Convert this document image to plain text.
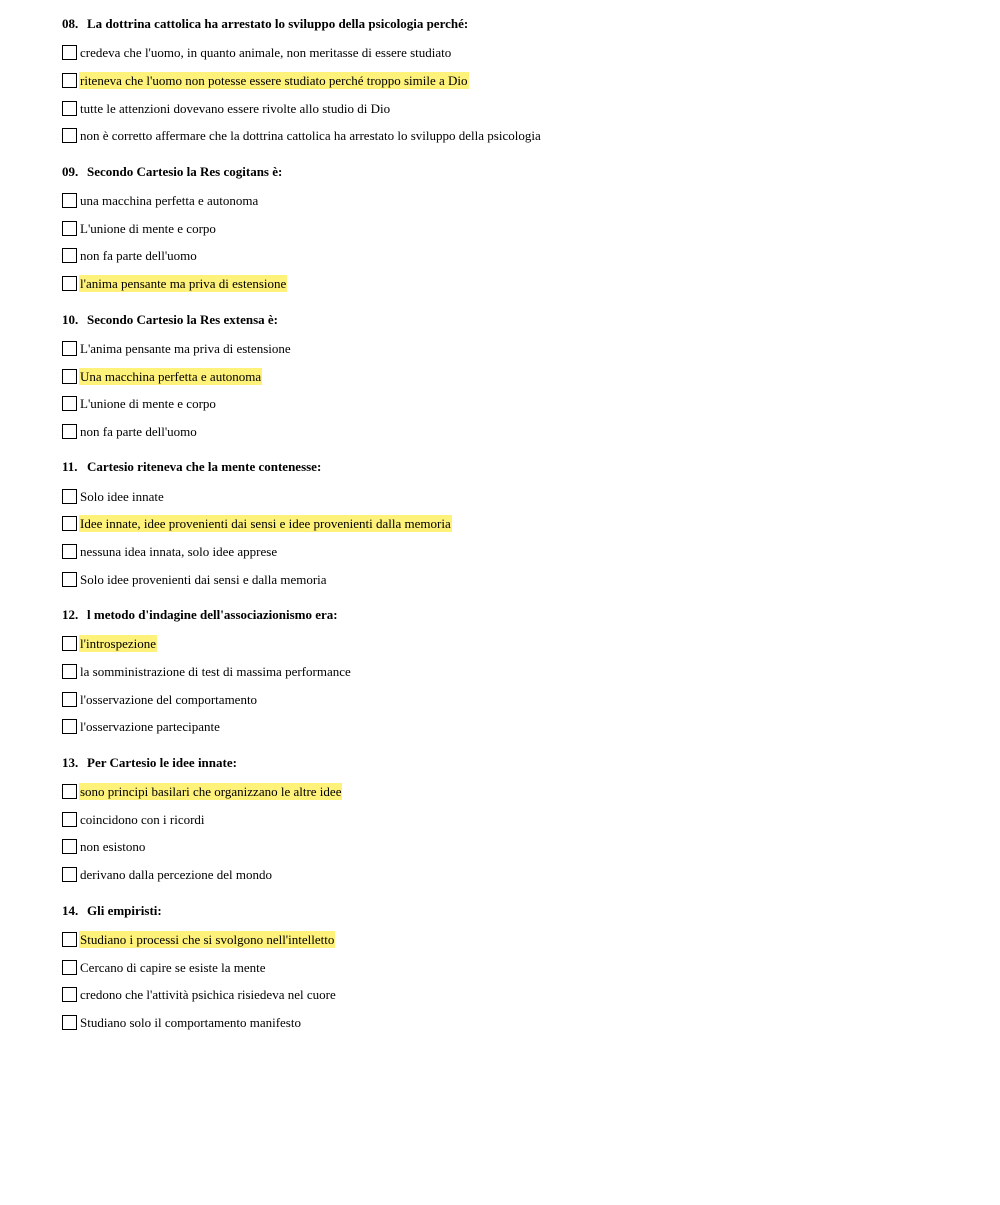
08. La dottrina cattolica ha arrestato lo sviluppo della psicologia perché:
credeva che l'uomo, in quanto animale, non meritasse di essere studiato
riteneva che l'uomo non potesse essere studiato perché troppo simile a Dio
tutte le attenzioni dovevano essere rivolte allo studio di Dio
non è corretto affermare che la dottrina cattolica ha arrestato lo sviluppo della psicologia
09. Secondo Cartesio la Res cogitans è:
una macchina perfetta e autonoma
L'unione di mente e corpo
non fa parte dell'uomo
l'anima pensante ma priva di estensione
10. Secondo Cartesio la Res extensa è:
L'anima pensante ma priva di estensione
Una macchina perfetta e autonoma
L'unione di mente e corpo
non fa parte dell'uomo
11. Cartesio riteneva che la mente contenesse:
Solo idee innate
Idee innate, idee provenienti dai sensi e idee provenienti dalla memoria
nessuna idea innata, solo idee apprese
Solo idee provenienti dai sensi e dalla memoria
12. l metodo d'indagine dell'associazionismo era:
l'introspezione
la somministrazione di test di massima performance
l'osservazione del comportamento
l'osservazione partecipante
13. Per Cartesio le idee innate:
sono principi basilari che organizzano le altre idee
coincidono con i ricordi
non esistono
derivano dalla percezione del mondo
14. Gli empiristi:
Studiano i processi che si svolgono nell'intelletto
Cercano di capire se esiste la mente
credono che l'attività psichica risiedeva nel cuore
Studiano solo il comportamento manifesto
